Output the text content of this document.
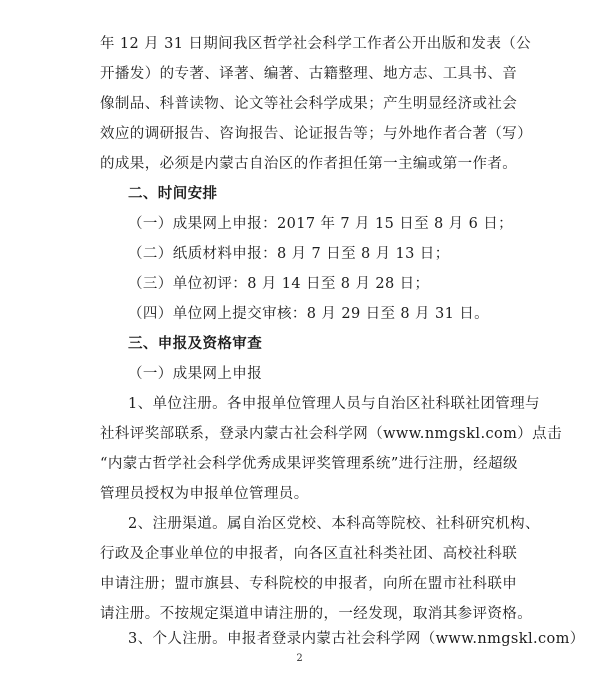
年 12 月 31 日期间我区哲学社会科学工作者公开出版和发表（公
开播发）的专著、译著、编著、古籍整理、地方志、工具书、音
像制品、科普读物、论文等社会科学成果；产生明显经济或社会
效应的调研报告、咨询报告、论证报告等；与外地作者合著（写）
的成果，必须是内蒙古自治区的作者担任第一主编或第一作者。
二、时间安排
（一）成果网上申报：2017 年 7 月 15 日至 8 月 6 日；
（二）纸质材料申报：8 月 7 日至 8 月 13 日；
（三）单位初评：8 月 14 日至 8 月 28 日；
（四）单位网上提交审核：8 月 29 日至 8 月 31 日。
三、申报及资格审查
（一）成果网上申报
1、单位注册。各申报单位管理人员与自治区社科联社团管理与
社科评奖部联系，登录内蒙古社会科学网（www.nmgskl.com）点击
“内蒙古哲学社会科学优秀成果评奖管理系统”进行注册，经超级
管理员授权为申报单位管理员。
2、注册渠道。属自治区党校、本科高等院校、社科研究机构、
行政及企事业单位的申报者，向各区直社科类社团、高校社科联
申请注册；盟市旗县、专科院校的申报者，向所在盟市社科联申
请注册。不按规定渠道申请注册的，一经发现，取消其参评资格。
3、个人注册。申报者登录内蒙古社会科学网（www.nmgskl.com）
2
